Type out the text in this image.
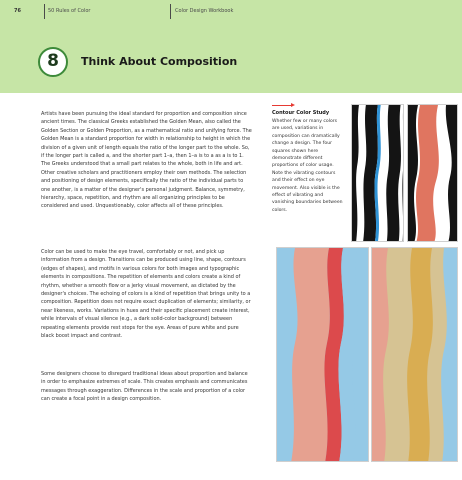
76	50 Rules of Color	Color Design Workbook
8	Think About Composition

Artists have been pursuing the ideal standard for proportion and composition since ancient times. The classical Greeks established the Golden Mean, also called the Golden Section or Golden Proportion, as a mathematical ratio and unifying force. The Golden Mean is a standard proportion for width in relationship to height in which the division of a given unit of length equals the ratio of the longer part to the whole. So, if the longer part is called a, and the shorter part 1–a, then 1–a is to a as a is to 1. The Greeks understood that a small part relates to the whole, both in life and art. Other creative scholars and practitioners employ their own methods. The selection and positioning of design elements, specifically the ratio of the individual parts to one another, is a matter of the designer's personal judgment. Balance, symmetry, hierarchy, space, repetition, and rhythm are all organizing principles to be considered and used. Unquestionably, color affects all of these principles.

Color can be used to make the eye travel, comfortably or not, and pick up information from a design. Transitions can be produced using line, shape, contours (edges of shapes), and motifs in various colors for both images and typographic elements in compositions. The repetition of elements and colors create a kind of rhythm, whether a smooth flow or a jerky visual movement, as dictated by the designer's choices. The echoing of colors is a kind of repetition that brings unity to a composition. Repetition does not require exact duplication of elements; similarity, or near likeness, works. Variations in hues and their specific placement create interest, while intervals of visual silence (e.g., a dark solid-color background) between repeating elements provide rest stops for the eye. Areas of pure white and pure black boost impact and contrast.

Some designers choose to disregard traditional ideas about proportion and balance in order to emphasize extremes of scale. This creates emphasis and communicates messages through exaggeration. Differences in the scale and proportion of a color can create a focal point in a design composition.

Contour Color Study
Whether few or many colors are used, variations in composition can dramatically change a design. The four squares shown here demonstrate different proportions of color usage. Note the vibrating contours and their effect on eye movement. Also visible is the effect of vibrating and vanishing boundaries between colors.
